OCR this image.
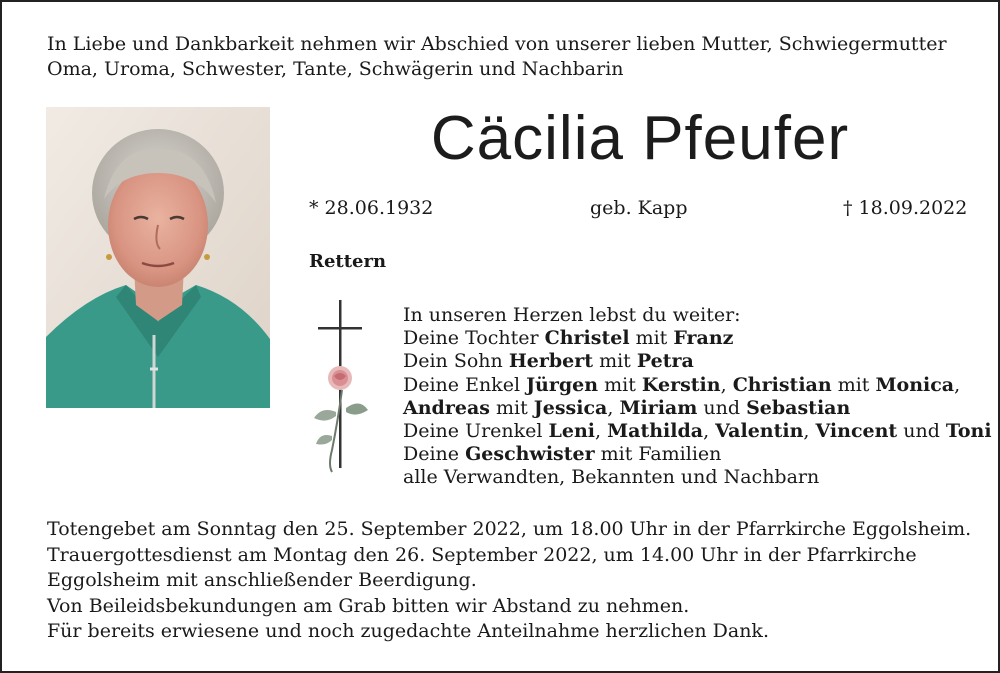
In Liebe und Dankbarkeit nehmen wir Abschied von unserer lieben Mutter, Schwiegermutter
Oma, Uroma, Schwester, Tante, Schwägerin und Nachbarin
Cäcilia Pfeufer
* 28.06.1932	geb. Kapp	† 18.09.2022
Rettern
In unseren Herzen lebst du weiter:
Deine Tochter Christel mit Franz
Dein Sohn Herbert mit Petra
Deine Enkel Jürgen mit Kerstin, Christian mit Monica,
Andreas mit Jessica, Miriam und Sebastian
Deine Urenkel Leni, Mathilda, Valentin, Vincent und Toni
Deine Geschwister mit Familien
alle Verwandten, Bekannten und Nachbarn
Totengebet am Sonntag den 25. September 2022, um 18.00 Uhr in der Pfarrkirche Eggolsheim.
Trauergottesdienst am Montag den 26. September 2022, um 14.00 Uhr in der Pfarrkirche
Eggolsheim mit anschließender Beerdigung.
Von Beileidsbekundungen am Grab bitten wir Abstand zu nehmen.
Für bereits erwiesene und noch zugedachte Anteilnahme herzlichen Dank.
